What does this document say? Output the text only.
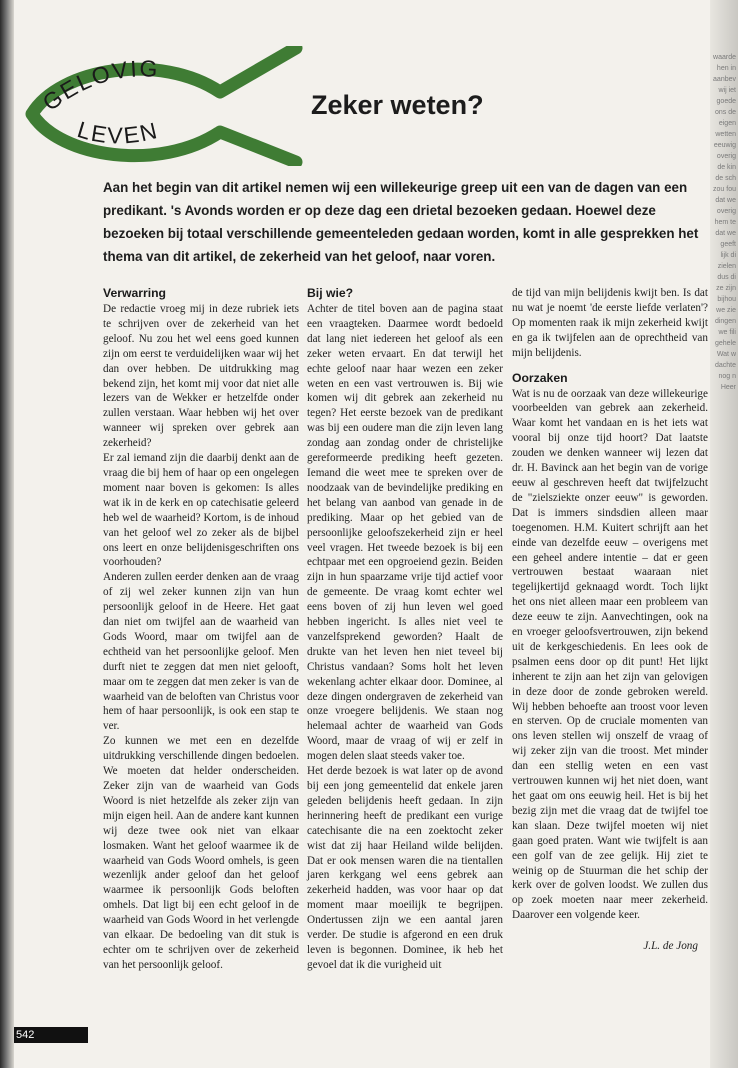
waarde
hen in
aanbev
wij iet
goede
ons de
eigen
wetten
eeuwig
overig
de kin
de sch
zou fou
dat we
overig
hem te
dat we
geeft
lijk di
zielen
dus di
ze zijn
bijhou
we zie
dingen
we fili
gehele
Wat w
dachte
nog n
Heer
GELOVIG
LEVEN
Zeker weten?

Aan het begin van dit artikel nemen wij een willekeurige greep uit een van de dagen van een predikant. 's Avonds worden er op deze dag een drietal bezoeken gedaan. Hoewel deze bezoeken bij totaal verschillende gemeenteleden gedaan worden, komt in alle gesprekken het thema van dit artikel, de zekerheid van het geloof, naar voren.

Verwarring

De redactie vroeg mij in deze rubriek iets te schrijven over de zekerheid van het geloof. Nu zou het wel eens goed kunnen zijn om eerst te verduidelijken waar wij het dan over hebben. De uitdrukking mag bekend zijn, het komt mij voor dat niet alle lezers van de Wekker er hetzelfde onder zullen verstaan. Waar hebben wij het over wanneer wij spreken over gebrek aan zekerheid?

Er zal iemand zijn die daarbij denkt aan de vraag die bij hem of haar op een ongelegen moment naar boven is gekomen: Is alles wat ik in de kerk en op catechisatie geleerd heb wel de waarheid? Kortom, is de inhoud van het geloof wel zo zeker als de bijbel ons leert en onze belijdenisgeschriften ons voorhouden?

Anderen zullen eerder denken aan de vraag of zij wel zeker kunnen zijn van hun persoonlijk geloof in de Heere. Het gaat dan niet om twijfel aan de waarheid van Gods Woord, maar om twijfel aan de echtheid van het persoonlijke geloof. Men durft niet te zeggen dat men niet gelooft, maar om te zeggen dat men zeker is van de waarheid van de beloften van Christus voor hem of haar persoonlijk, is ook een stap te ver.

Zo kunnen we met een en dezelfde uitdrukking verschillende dingen bedoelen. We moeten dat helder onderscheiden. Zeker zijn van de waarheid van Gods Woord is niet hetzelfde als zeker zijn van mijn eigen heil. Aan de andere kant kunnen wij deze twee ook niet van elkaar losmaken. Want het geloof waarmee ik de waarheid van Gods Woord omhels, is geen wezenlijk ander geloof dan het geloof waarmee ik persoonlijk Gods beloften omhels. Dat ligt bij een echt geloof in de waarheid van Gods Woord in het verlengde van elkaar. De bedoeling van dit stuk is echter om te schrijven over de zekerheid van het persoonlijk geloof.

Bij wie?

Achter de titel boven aan de pagina staat een vraagteken. Daarmee wordt bedoeld dat lang niet iedereen het geloof als een zeker weten ervaart. En dat terwijl het echte geloof naar haar wezen een zeker weten en een vast vertrouwen is. Bij wie komen wij dit gebrek aan zekerheid nu tegen? Het eerste bezoek van de predikant was bij een oudere man die zijn leven lang zondag aan zondag onder de christelijke gereformeerde prediking heeft gezeten. Iemand die weet mee te spreken over de noodzaak van de bevindelijke prediking en het belang van aanbod van genade in de prediking. Maar op het gebied van de persoonlijke geloofszekerheid zijn er heel veel vragen. Het tweede bezoek is bij een echtpaar met een opgroeiend gezin. Beiden zijn in hun spaarzame vrije tijd actief voor de gemeente. De vraag komt echter wel eens boven of zij hun leven wel goed hebben ingericht. Is alles niet veel te vanzelfsprekend geworden? Haalt de drukte van het leven hen niet teveel bij Christus vandaan? Soms holt het leven wekenlang achter elkaar door. Dominee, al deze dingen ondergraven de zekerheid van onze vroegere belijdenis. We staan nog helemaal achter de waarheid van Gods Woord, maar de vraag of wij er zelf in mogen delen slaat steeds vaker toe.

Het derde bezoek is wat later op de avond bij een jong gemeentelid dat enkele jaren geleden belijdenis heeft gedaan. In zijn herinnering heeft de predikant een vurige catechisante die na een zoektocht zeker wist dat zij haar Heiland wilde belijden. Dat er ook mensen waren die na tientallen jaren kerkgang wel eens gebrek aan zekerheid hadden, was voor haar op dat moment maar moeilijk te begrijpen. Ondertussen zijn we een aantal jaren verder. De studie is afgerond en een druk leven is begonnen. Dominee, ik heb het gevoel dat ik die vurigheid uit

de tijd van mijn belijdenis kwijt ben. Is dat nu wat je noemt 'de eerste liefde verlaten'? Op momenten raak ik mijn zekerheid kwijt en ga ik twijfelen aan de oprechtheid van mijn belijdenis.

Oorzaken

Wat is nu de oorzaak van deze willekeurige voorbeelden van gebrek aan zekerheid. Waar komt het vandaan en is het iets wat vooral bij onze tijd hoort? Dat laatste zouden we denken wanneer wij lezen dat dr. H. Bavinck aan het begin van de vorige eeuw al geschreven heeft dat twijfelzucht de "zielsziekte onzer eeuw" is geworden. Dat is immers sindsdien alleen maar toegenomen. H.M. Kuitert schrijft aan het einde van dezelfde eeuw – overigens met een geheel andere intentie – dat er geen vertrouwen bestaat waaraan niet tegelijkertijd geknaagd wordt. Toch lijkt het ons niet alleen maar een probleem van deze eeuw te zijn. Aanvechtingen, ook na en vroeger geloofsvertrouwen, zijn bekend uit de kerkgeschiedenis. En lees ook de psalmen eens door op dit punt! Het lijkt inherent te zijn aan het zijn van gelovigen in deze door de zonde gebroken wereld. Wij hebben behoefte aan troost voor leven en sterven. Op de cruciale momenten van ons leven stellen wij onszelf de vraag of wij zeker zijn van die troost. Met minder dan een stellig weten en een vast vertrouwen kunnen wij het niet doen, want het gaat om ons eeuwig heil. Het is bij het bezig zijn met die vraag dat de twijfel toe kan slaan. Deze twijfel moeten wij niet gaan goed praten. Want wie twijfelt is aan een golf van de zee gelijk. Hij ziet te weinig op de Stuurman die het schip der kerk over de golven loodst. We zullen dus op zoek moeten naar meer zekerheid. Daarover een volgende keer.

J.L. de Jong

542
